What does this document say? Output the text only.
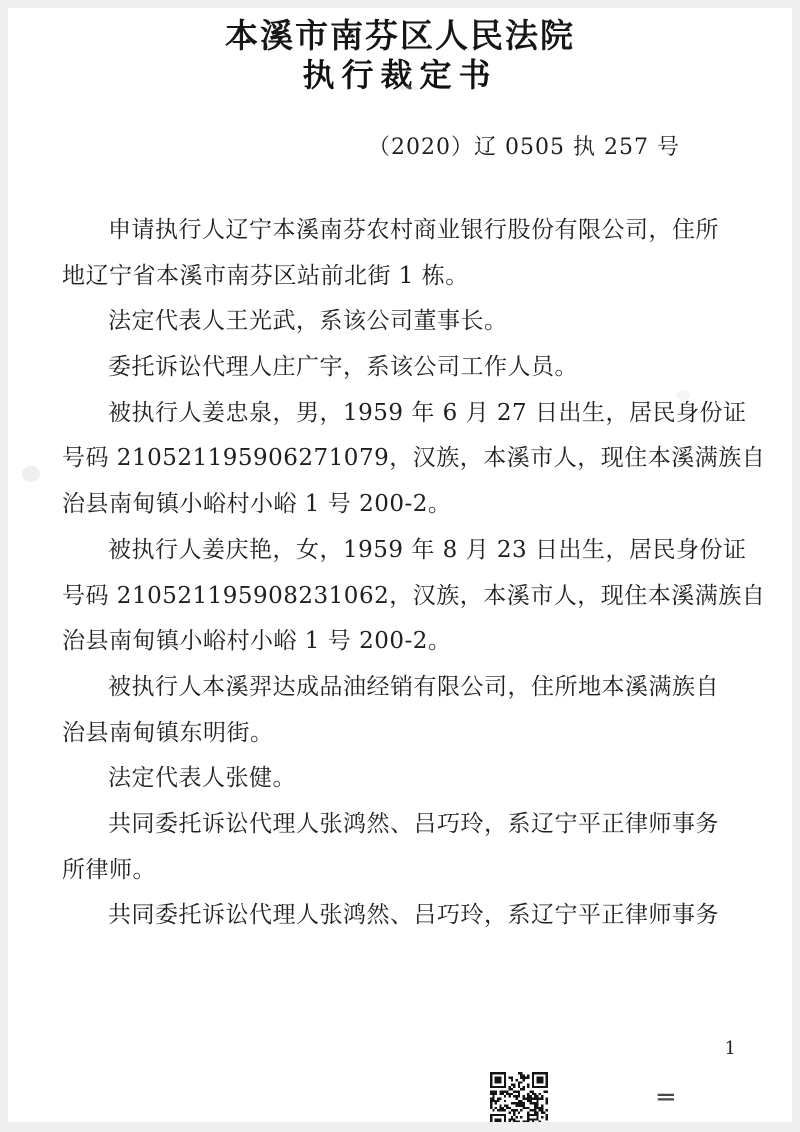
本溪市南芬区人民法院
执行裁定书
（2020）辽 0505 执 257 号
申请执行人辽宁本溪南芬农村商业银行股份有限公司，住所
地辽宁省本溪市南芬区站前北街 1 栋。
法定代表人王光武，系该公司董事长。
委托诉讼代理人庄广宇，系该公司工作人员。
被执行人姜忠泉，男，1959 年 6 月 27 日出生，居民身份证
号码 210521195906271079，汉族，本溪市人，现住本溪满族自
治县南甸镇小峪村小峪 1 号 200-2。
被执行人姜庆艳，女，1959 年 8 月 23 日出生，居民身份证
号码 210521195908231062，汉族，本溪市人，现住本溪满族自
治县南甸镇小峪村小峪 1 号 200-2。
被执行人本溪羿达成品油经销有限公司，住所地本溪满族自
治县南甸镇东明街。
法定代表人张健。
共同委托诉讼代理人张鸿然、吕巧玲，系辽宁平正律师事务
所律师。
共同委托诉讼代理人张鸿然、吕巧玲，系辽宁平正律师事务
1
=
